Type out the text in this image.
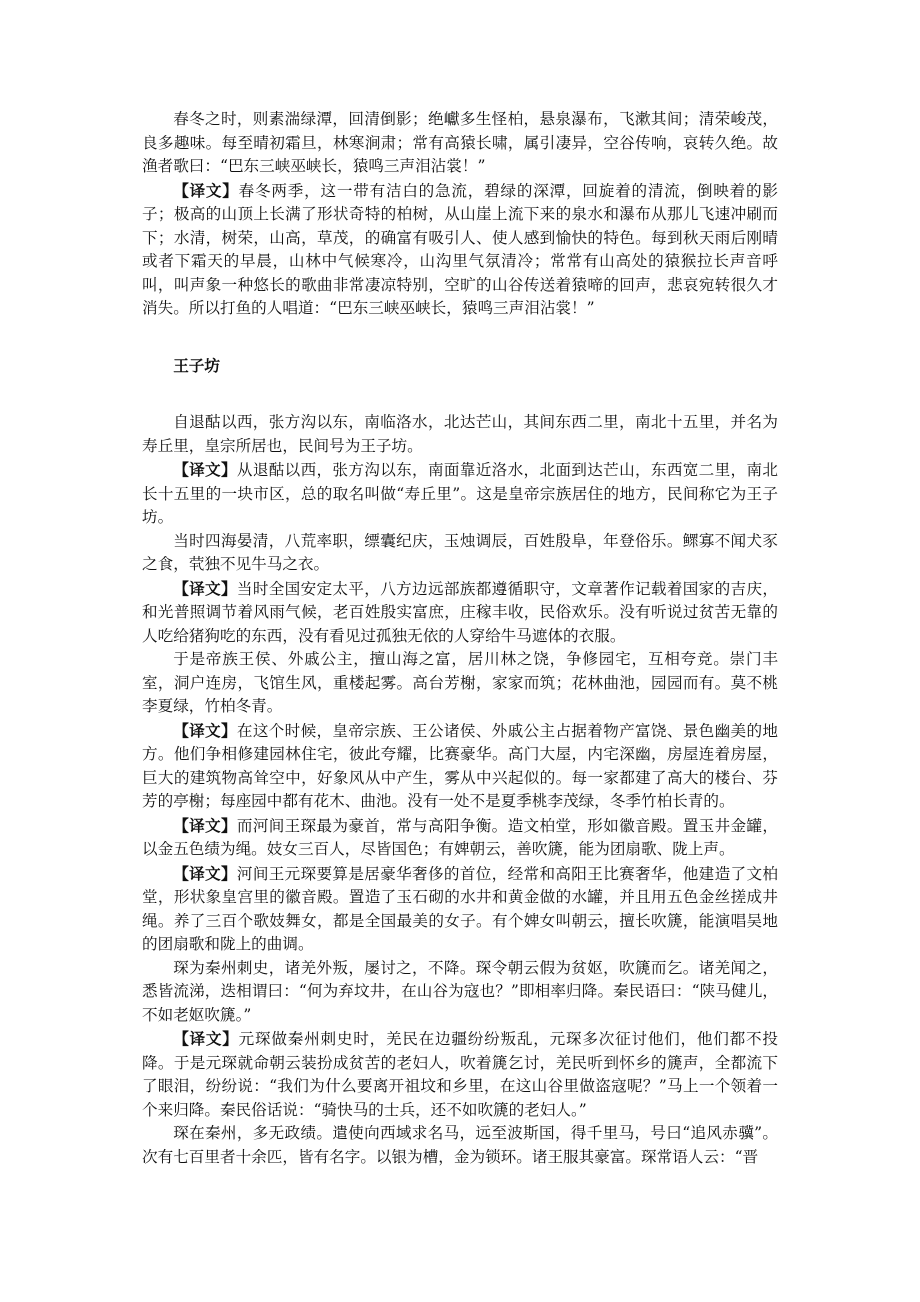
春冬之时，则素湍绿潭，回清倒影；绝巘多生怪柏，悬泉瀑布，飞漱其间；清荣峻茂，良多趣味。每至晴初霜旦，林寒涧肃；常有高猿长啸，属引凄异，空谷传响，哀转久绝。故渔者歌曰：“巴东三峡巫峡长，猿鸣三声泪沾裳！”

【译文】春冬两季，这一带有洁白的急流，碧绿的深潭，回旋着的清流，倒映着的影子；极高的山顶上长满了形状奇特的柏树，从山崖上流下来的泉水和瀑布从那儿飞速冲刷而下；水清，树荣，山高，草茂，的确富有吸引人、使人感到愉快的特色。每到秋天雨后刚晴或者下霜天的早晨，山林中气候寒冷，山沟里气氛清冷；常常有山高处的猿猴拉长声音呼叫，叫声象一种悠长的歌曲非常凄凉特别，空旷的山谷传送着猿啼的回声，悲哀宛转很久才消失。所以打鱼的人唱道：“巴东三峡巫峡长，猿鸣三声泪沾裳！”

王子坊

自退酤以西，张方沟以东，南临洛水，北达芒山，其间东西二里，南北十五里，并名为寿丘里，皇宗所居也，民间号为王子坊。

【译文】从退酤以西，张方沟以东，南面靠近洛水，北面到达芒山，东西宽二里，南北长十五里的一块市区，总的取名叫做“寿丘里”。这是皇帝宗族居住的地方，民间称它为王子坊。

当时四海晏清，八荒率职，缥囊纪庆，玉烛调辰，百姓殷阜，年登俗乐。鳏寡不闻犬豕之食，茕独不见牛马之衣。

【译文】当时全国安定太平，八方边远部族都遵循职守，文章著作记载着国家的吉庆，和光普照调节着风雨气候，老百姓殷实富庶，庄稼丰收，民俗欢乐。没有听说过贫苦无靠的人吃给猪狗吃的东西，没有看见过孤独无依的人穿给牛马遮体的衣服。

于是帝族王侯、外戚公主，擅山海之富，居川林之饶，争修园宅，互相夸竞。崇门丰室，洞户连房，飞馆生风，重楼起雾。高台芳榭，家家而筑；花林曲池，园园而有。莫不桃李夏绿，竹柏冬青。

【译文】在这个时候，皇帝宗族、王公诸侯、外戚公主占据着物产富饶、景色幽美的地方。他们争相修建园林住宅，彼此夸耀，比赛豪华。高门大屋，内宅深幽，房屋连着房屋，巨大的建筑物高耸空中，好象风从中产生，雾从中兴起似的。每一家都建了高大的楼台、芬芳的亭榭；每座园中都有花木、曲池。没有一处不是夏季桃李茂绿，冬季竹柏长青的。

【译文】而河间王琛最为豪首，常与高阳争衡。造文柏堂，形如徽音殿。置玉井金罐，以金五色绩为绳。妓女三百人，尽皆国色；有婢朝云，善吹篪，能为团扇歌、陇上声。

【译文】河间王元琛要算是居豪华奢侈的首位，经常和高阳王比赛奢华，他建造了文柏堂，形状象皇宫里的徽音殿。置造了玉石砌的水井和黄金做的水罐，并且用五色金丝搓成井绳。养了三百个歌妓舞女，都是全国最美的女子。有个婢女叫朝云，擅长吹篪，能演唱吴地的团扇歌和陇上的曲调。

琛为秦州刺史，诸羌外叛，屡讨之，不降。琛令朝云假为贫妪，吹篪而乞。诸羌闻之，悉皆流涕，迭相谓曰：“何为弃坟井，在山谷为寇也？”即相率归降。秦民语曰：“陕马健儿，不如老妪吹篪。”

【译文】元琛做秦州刺史时，羌民在边疆纷纷叛乱，元琛多次征讨他们，他们都不投降。于是元琛就命朝云装扮成贫苦的老妇人，吹着篪乞讨，羌民听到怀乡的篪声，全都流下了眼泪，纷纷说：“我们为什么要离开祖坟和乡里，在这山谷里做盗寇呢？”马上一个领着一个来归降。秦民俗话说：“骑快马的士兵，还不如吹篪的老妇人。”

琛在秦州，多无政绩。遣使向西域求名马，远至波斯国，得千里马，号曰“追风赤骥”。次有七百里者十余匹，皆有名字。以银为槽，金为锁环。诸王服其豪富。琛常语人云：“晋
